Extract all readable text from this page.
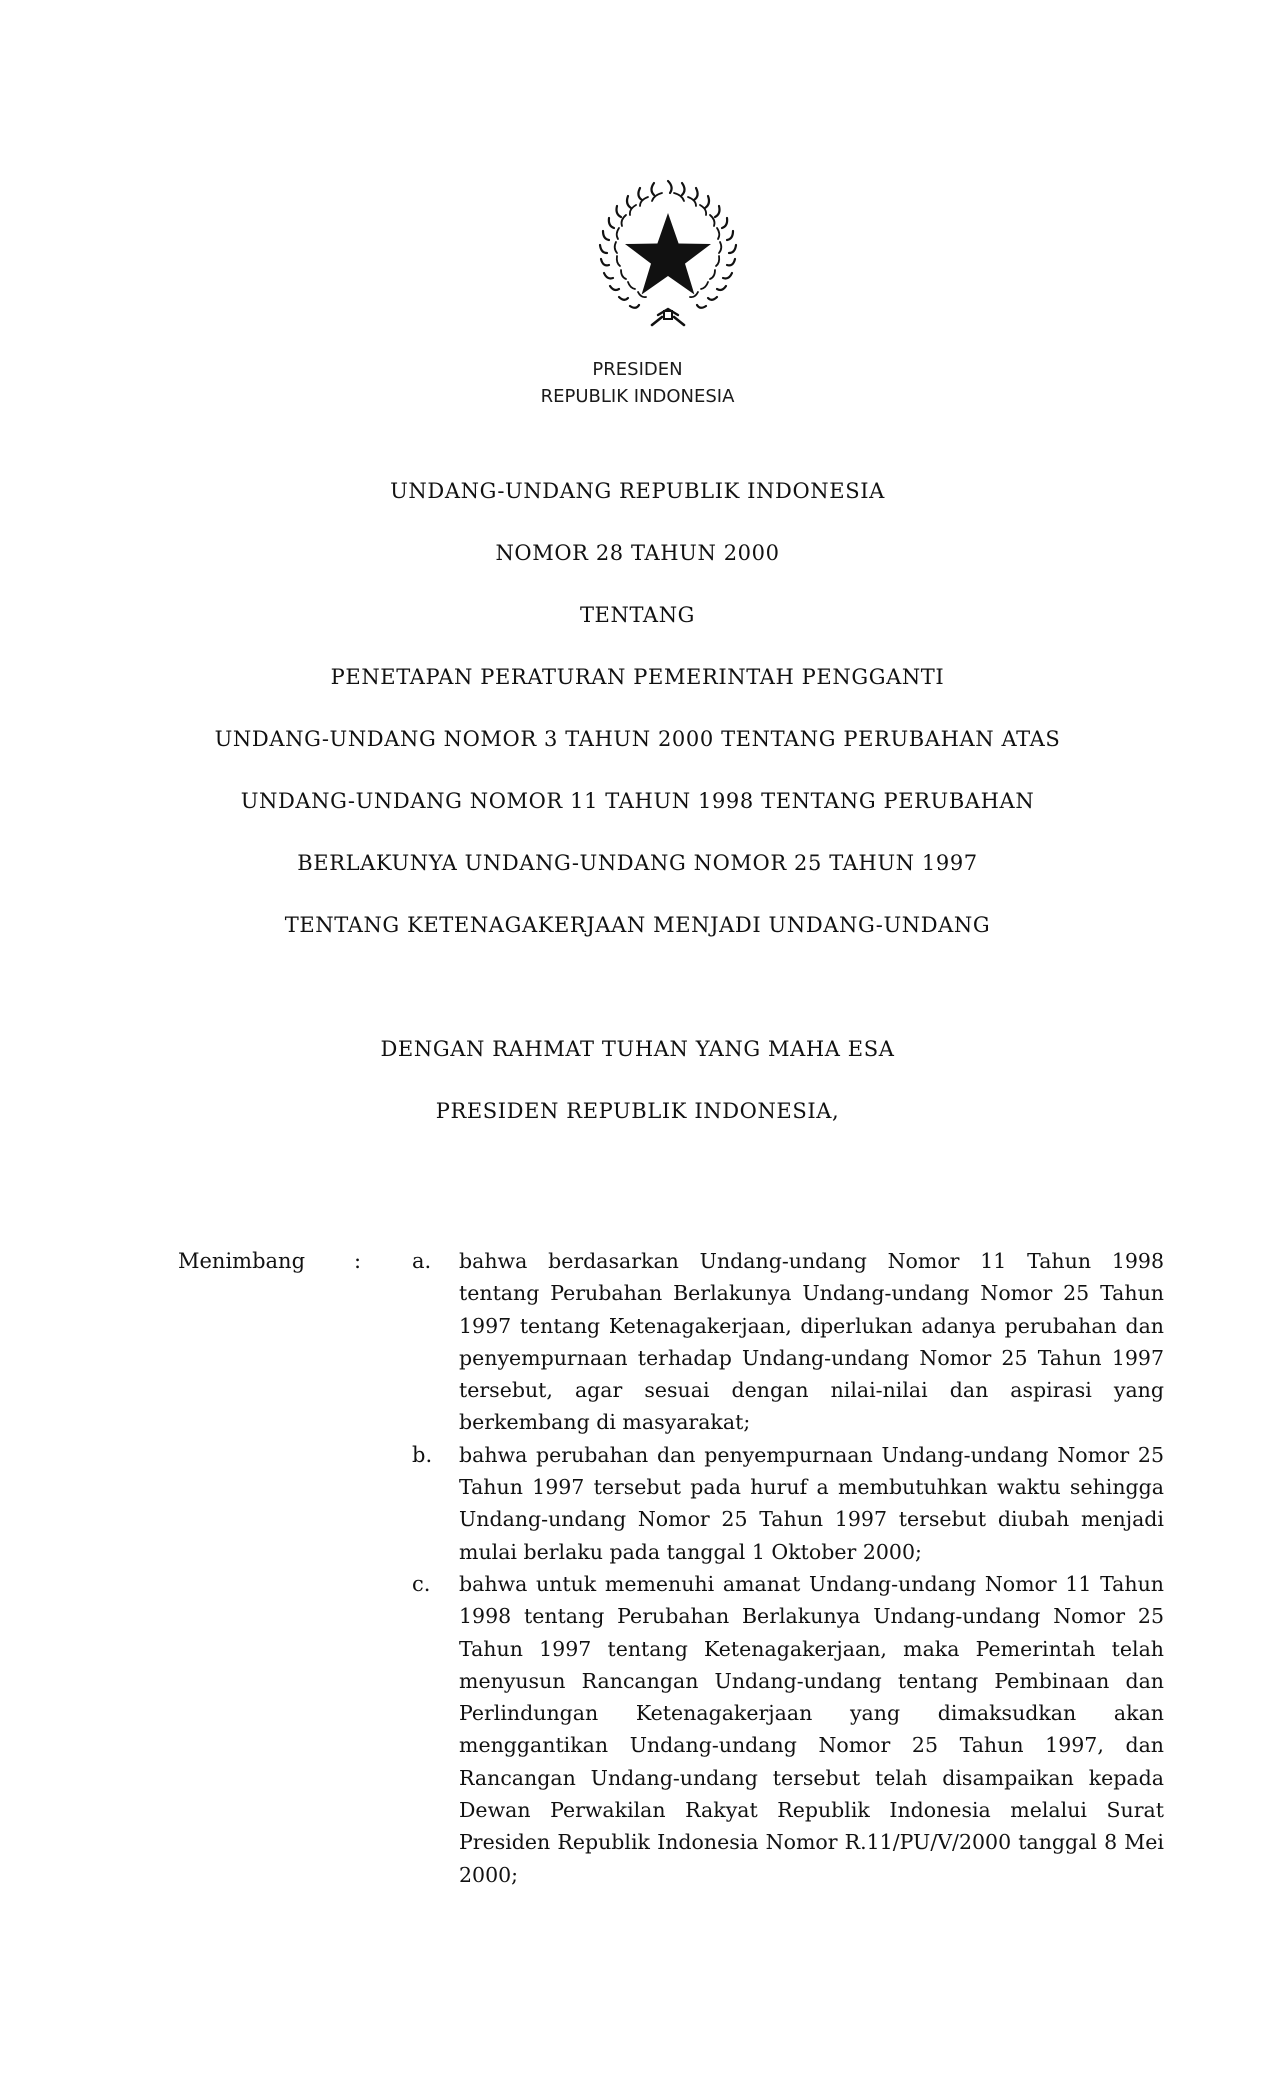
PRESIDEN
REPUBLIK INDONESIA
UNDANG-UNDANG REPUBLIK INDONESIA
NOMOR 28 TAHUN 2000
TENTANG
PENETAPAN PERATURAN PEMERINTAH PENGGANTI
UNDANG-UNDANG NOMOR 3 TAHUN 2000 TENTANG PERUBAHAN ATAS
UNDANG-UNDANG NOMOR 11 TAHUN 1998 TENTANG PERUBAHAN
BERLAKUNYA UNDANG-UNDANG NOMOR 25 TAHUN 1997
TENTANG KETENAGAKERJAAN MENJADI UNDANG-UNDANG
DENGAN RAHMAT TUHAN YANG MAHA ESA
PRESIDEN REPUBLIK INDONESIA,
Menimbang : a. bahwa berdasarkan Undang-undang Nomor 11 Tahun 1998 tentang Perubahan Berlakunya Undang-undang Nomor 25 Tahun 1997 tentang Ketenagakerjaan, diperlukan adanya perubahan dan penyempurnaan terhadap Undang-undang Nomor 25 Tahun 1997 tersebut, agar sesuai dengan nilai-nilai dan aspirasi yang berkembang di masyarakat;
b. bahwa perubahan dan penyempurnaan Undang-undang Nomor 25 Tahun 1997 tersebut pada huruf a membutuhkan waktu sehingga Undang-undang Nomor 25 Tahun 1997 tersebut diubah menjadi mulai berlaku pada tanggal 1 Oktober 2000;
c. bahwa untuk memenuhi amanat Undang-undang Nomor 11 Tahun 1998 tentang Perubahan Berlakunya Undang-undang Nomor 25 Tahun 1997 tentang Ketenagakerjaan, maka Pemerintah telah menyusun Rancangan Undang-undang tentang Pembinaan dan Perlindungan Ketenagakerjaan yang dimaksudkan akan menggantikan Undang-undang Nomor 25 Tahun 1997, dan Rancangan Undang-undang tersebut telah disampaikan kepada Dewan Perwakilan Rakyat Republik Indonesia melalui Surat Presiden Republik Indonesia Nomor R.11/PU/V/2000 tanggal 8 Mei 2000;
